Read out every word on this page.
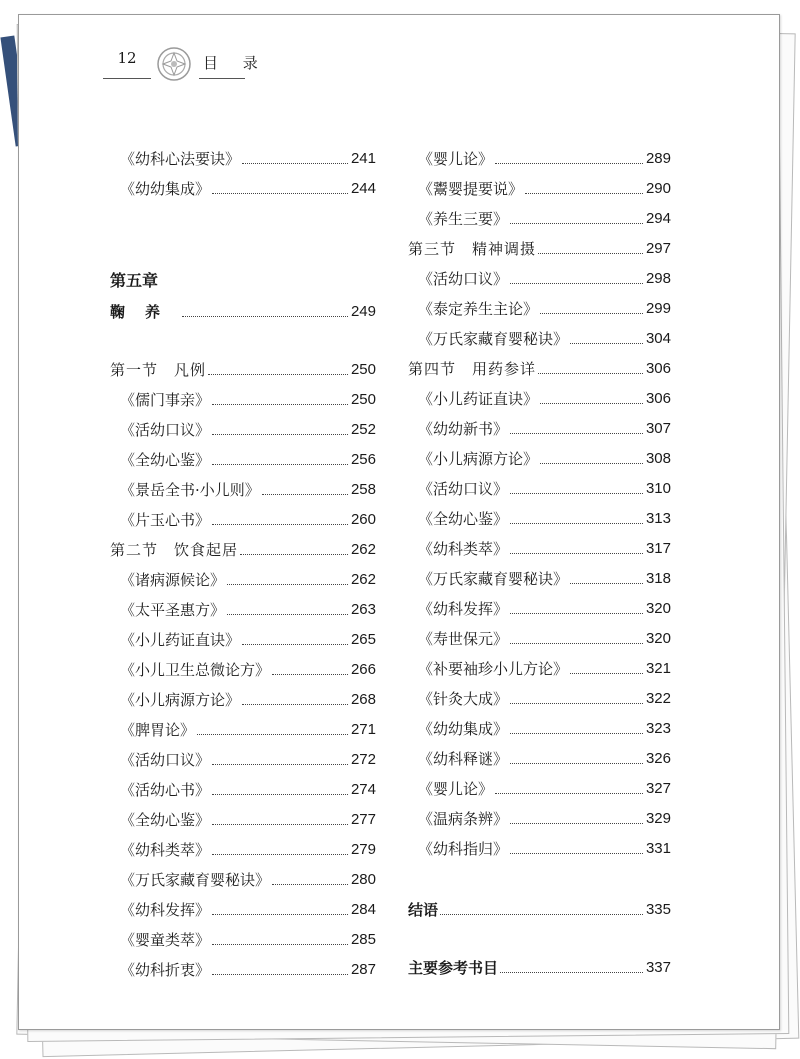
12	目 录
第五章
《幼科心法要诀》	241
《幼幼集成》	244
鞠养	249
第一节　凡例	250
《儒门事亲》	250
《活幼口议》	252
《全幼心鉴》	256
《景岳全书·小儿则》	258
《片玉心书》	260
第二节　饮食起居	262
《诸病源候论》	262
《太平圣惠方》	263
《小儿药证直诀》	265
《小儿卫生总微论方》	266
《小儿病源方论》	268
《脾胃论》	271
《活幼口议》	272
《活幼心书》	274
《全幼心鉴》	277
《幼科类萃》	279
《万氏家藏育婴秘诀》	280
《幼科发挥》	284
《婴童类萃》	285
《幼科折衷》	287
《婴儿论》	289
《鬻婴提要说》	290
《养生三要》	294
第三节　精神调摄	297
《活幼口议》	298
《泰定养生主论》	299
《万氏家藏育婴秘诀》	304
第四节　用药参详	306
《小儿药证直诀》	306
《幼幼新书》	307
《小儿病源方论》	308
《活幼口议》	310
《全幼心鉴》	313
《幼科类萃》	317
《万氏家藏育婴秘诀》	318
《幼科发挥》	320
《寿世保元》	320
《补要袖珍小儿方论》	321
《针灸大成》	322
《幼幼集成》	323
《幼科释谜》	326
《婴儿论》	327
《温病条辨》	329
《幼科指归》	331
结语	335
主要参考书目	337
